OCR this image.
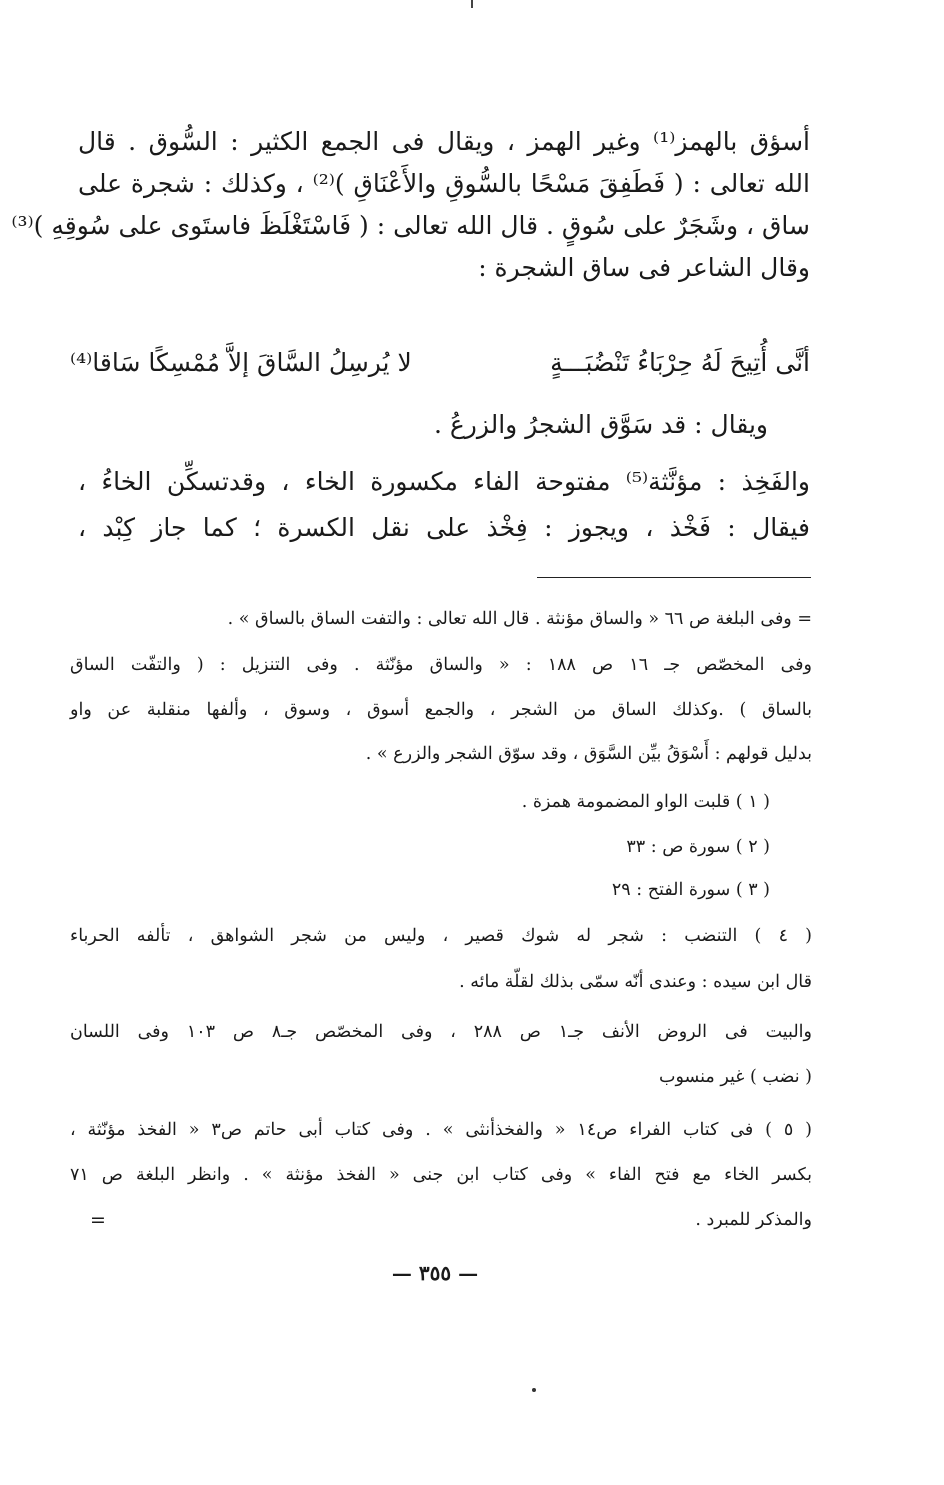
أسؤق بالهمز⁽¹⁾ وغير الهمز ، ويقال فى الجمع الكثير : السُّوق . قال
الله تعالى : ( فَطَفِقَ مَسْحًا بالسُّوقِ والأَعْنَاقِ )⁽²⁾ ، وكذلك : شجرة على
ساق ، وشَجَرٌ على سُوقٍ . قال الله تعالى : ( فَاسْتَغْلَظَ فاستَوى على سُوقِهِ )⁽³⁾
وقال الشاعر فى ساق الشجرة :
أنَّى أُتِيحَ لَهُ حِرْبَاءُ تَنْضُبَـــةٍ
لا يُرسِلُ السَّاقَ إلاَّ مُمْسِكًا سَاقا⁽⁴⁾
ويقال : قد سَوَّق الشجرُ والزرعُ .
والفَخِذ : مؤنَّثة⁽⁵⁾ مفتوحة الفاء مكسورة الخاء ، وقدتسكِّن الخاءُ ،
فيقال : فَخْذ ، ويجوز : فِخْذ على نقل الكسرة ؛ كما جاز كِبْد ،
= وفى البلغة ص ٦٦ « والساق مؤنثة . قال الله تعالى : والتفت الساق بالساق » .
وفى المخصّص جـ ١٦ ص ١٨٨ : « والساق مؤنّثة . وفى التنزيل : ( والتفّت الساق
بالساق ) .وكذلك الساق من الشجر ، والجمع أسوق ، وسوق ، وألفها منقلبة عن واو
بدليل قولهم : أَسْوَقُ بيِّن السَّوَق ، وقد سوّق الشجر والزرع » .
( ١ ) قلبت الواو المضمومة همزة .
( ٢ ) سورة ص : ٣٣
( ٣ ) سورة الفتح : ٢٩
( ٤ ) التنضب : شجر له شوك قصير ، وليس من شجر الشواهق ، تألفه الحرباء
قال ابن سيده : وعندى أنّه سمّى بذلك لقلّة مائه .
والبيت فى الروض الأنف جـ١ ص ٢٨٨ ، وفى المخصّص جـ٨ ص ١٠٣ وفى اللسان
( نضب ) غير منسوب
( ٥ ) فى كتاب الفراء ص١٤ « والفخذأنثى » . وفى كتاب أبى حاتم ص٣ « الفخذ مؤنّثة ،
بكسر الخاء مع فتح الفاء » وفى كتاب ابن جنى « الفخذ مؤنثة » . وانظر البلغة ص ٧١
والمذكر للمبرد .
=
— ٣٥٥ —
